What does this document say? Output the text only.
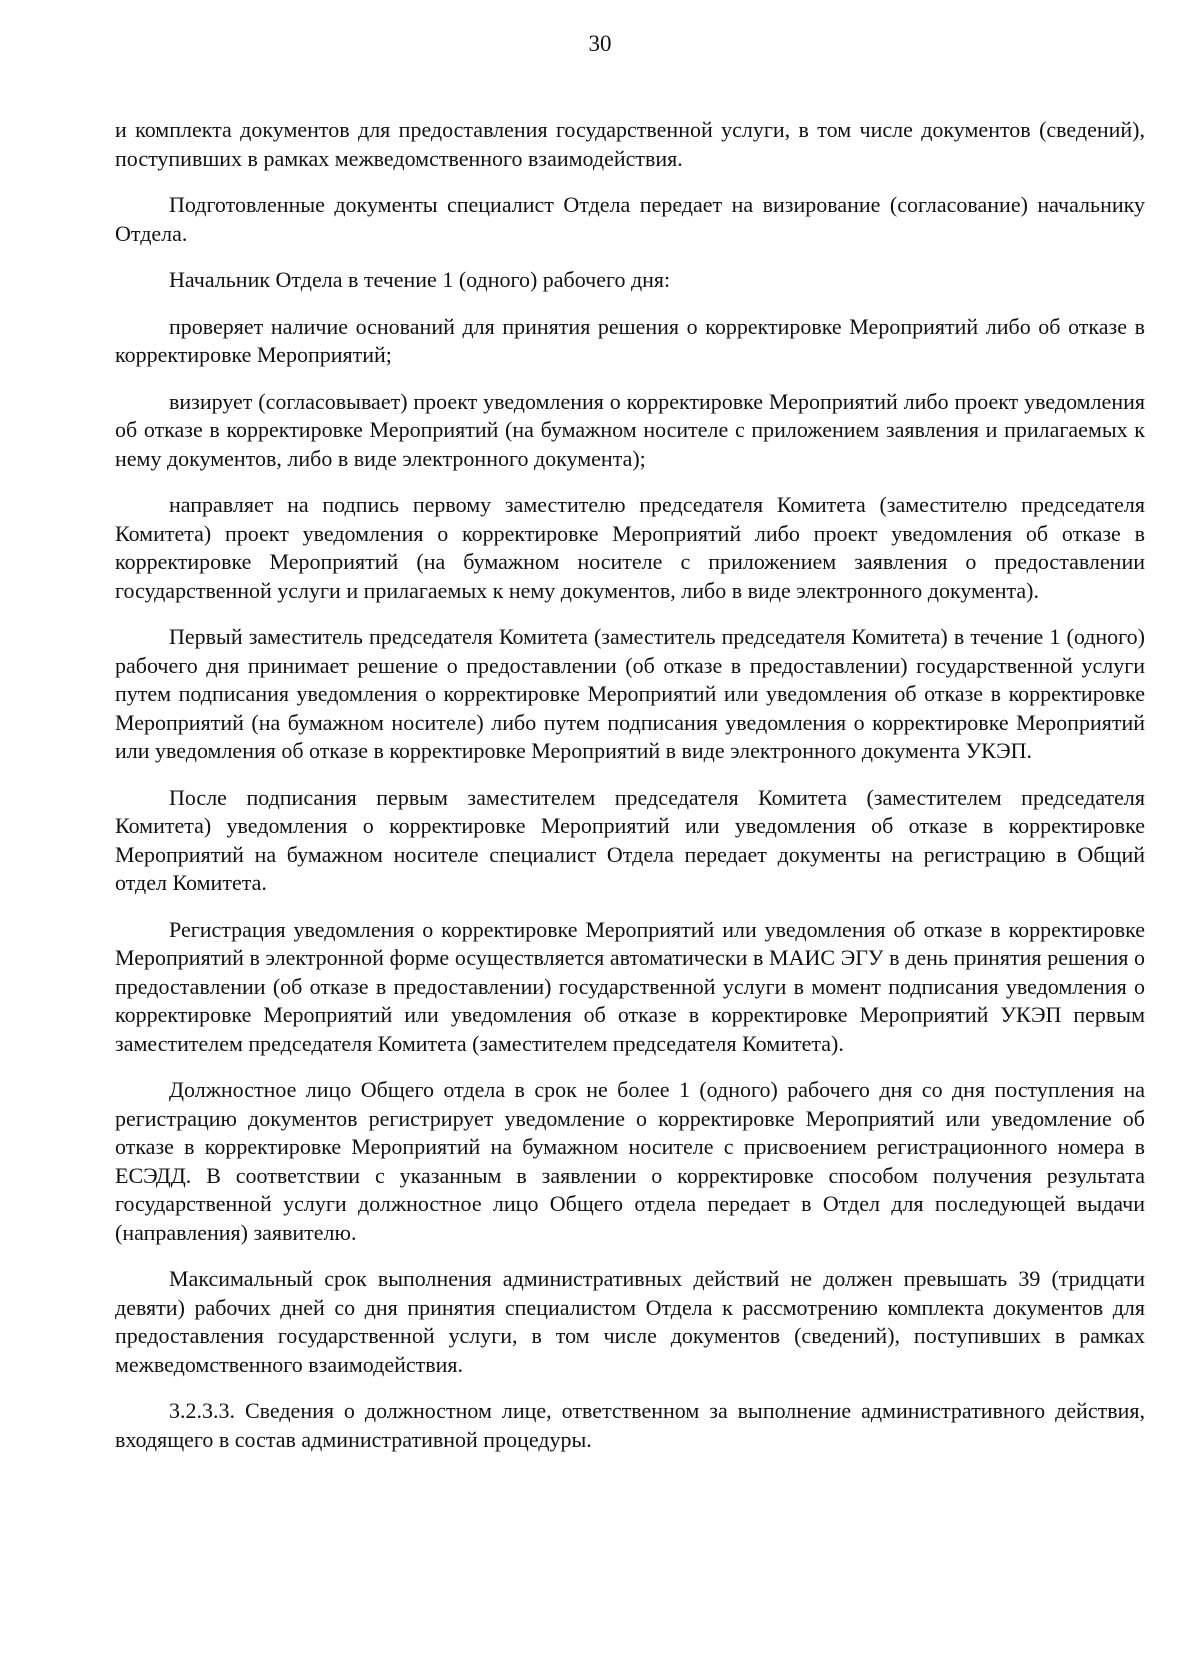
30

и комплекта документов для предоставления государственной услуги, в том числе документов (сведений), поступивших в рамках межведомственного взаимодействия.

Подготовленные документы специалист Отдела передает на визирование (согласование) начальнику Отдела.

Начальник Отдела в течение 1 (одного) рабочего дня:

проверяет наличие оснований для принятия решения о корректировке Мероприятий либо об отказе в корректировке Мероприятий;

визирует (согласовывает) проект уведомления о корректировке Мероприятий либо проект уведомления об отказе в корректировке Мероприятий (на бумажном носителе с приложением заявления и прилагаемых к нему документов, либо в виде электронного документа);

направляет на подпись первому заместителю председателя Комитета (заместителю председателя Комитета) проект уведомления о корректировке Мероприятий либо проект уведомления об отказе в корректировке Мероприятий (на бумажном носителе с приложением заявления о предоставлении государственной услуги и прилагаемых к нему документов, либо в виде электронного документа).

Первый заместитель председателя Комитета (заместитель председателя Комитета) в течение 1 (одного) рабочего дня принимает решение о предоставлении (об отказе в предоставлении) государственной услуги путем подписания уведомления о корректировке Мероприятий или уведомления об отказе в корректировке Мероприятий (на бумажном носителе) либо путем подписания уведомления о корректировке Мероприятий или уведомления об отказе в корректировке Мероприятий в виде электронного документа УКЭП.

После подписания первым заместителем председателя Комитета (заместителем председателя Комитета) уведомления о корректировке Мероприятий или уведомления об отказе в корректировке Мероприятий на бумажном носителе специалист Отдела передает документы на регистрацию в Общий отдел Комитета.

Регистрация уведомления о корректировке Мероприятий или уведомления об отказе в корректировке Мероприятий в электронной форме осуществляется автоматически в МАИС ЭГУ в день принятия решения о предоставлении (об отказе в предоставлении) государственной услуги в момент подписания уведомления о корректировке Мероприятий или уведомления об отказе в корректировке Мероприятий УКЭП первым заместителем председателя Комитета (заместителем председателя Комитета).

Должностное лицо Общего отдела в срок не более 1 (одного) рабочего дня со дня поступления на регистрацию документов регистрирует уведомление о корректировке Мероприятий или уведомление об отказе в корректировке Мероприятий на бумажном носителе с присвоением регистрационного номера в ЕСЭДД. В соответствии с указанным в заявлении о корректировке способом получения результата государственной услуги должностное лицо Общего отдела передает в Отдел для последующей выдачи (направления) заявителю.

Максимальный срок выполнения административных действий не должен превышать 39 (тридцати девяти) рабочих дней со дня принятия специалистом Отдела к рассмотрению комплекта документов для предоставления государственной услуги, в том числе документов (сведений), поступивших в рамках межведомственного взаимодействия.

3.2.3.3. Сведения о должностном лице, ответственном за выполнение административного действия, входящего в состав административной процедуры.
